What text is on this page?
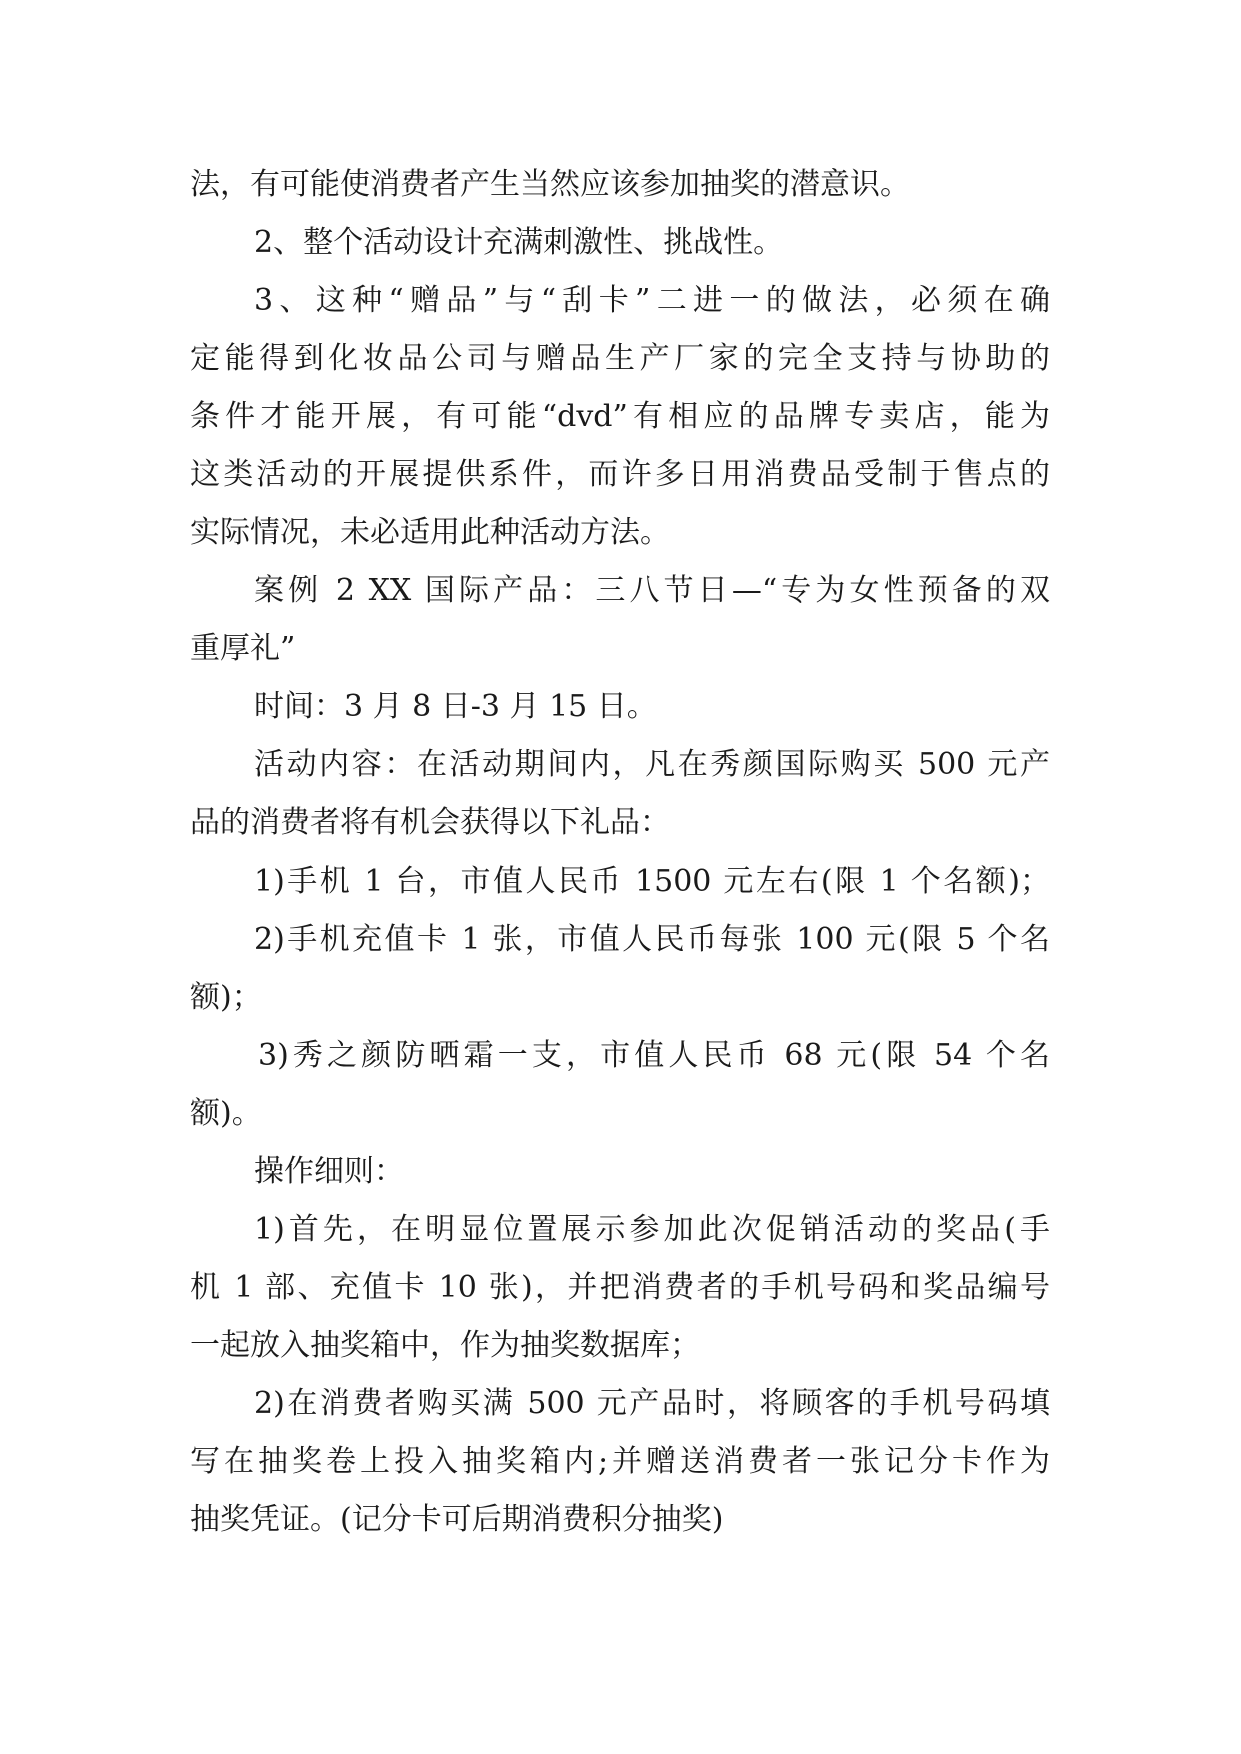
法，有可能使消费者产生当然应该参加抽奖的潜意识。

2、整个活动设计充满刺激性、挑战性。

3、这种“赠品”与“刮卡”二进一的做法，必须在确

定能得到化妆品公司与赠品生产厂家的完全支持与协助的

条件才能开展，有可能“dvd”有相应的品牌专卖店，能为

这类活动的开展提供系件，而许多日用消费品受制于售点的

实际情况，未必适用此种活动方法。

案例 2 XX 国际产品：三八节日—“专为女性预备的双

重厚礼”

时间：3 月 8 日-3 月 15 日。

活动内容：在活动期间内，凡在秀颜国际购买 500 元产

品的消费者将有机会获得以下礼品：

1)手机 1 台，市值人民币 1500 元左右(限 1 个名额)；

2)手机充值卡 1 张，市值人民币每张 100 元(限 5 个名

额)；

3)秀之颜防晒霜一支，市值人民币 68 元(限 54 个名

额)。

操作细则：

1)首先，在明显位置展示参加此次促销活动的奖品(手

机 1 部、充值卡 10 张)，并把消费者的手机号码和奖品编号

一起放入抽奖箱中，作为抽奖数据库；

2)在消费者购买满 500 元产品时，将顾客的手机号码填

写在抽奖卷上投入抽奖箱内;并赠送消费者一张记分卡作为

抽奖凭证。(记分卡可后期消费积分抽奖)
